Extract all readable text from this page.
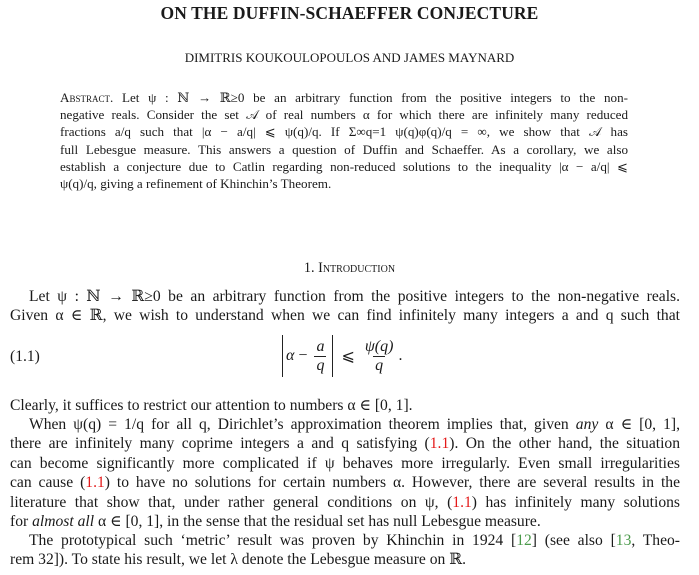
ON THE DUFFIN-SCHAEFFER CONJECTURE
DIMITRIS KOUKOULOPOULOS AND JAMES MAYNARD
Abstract. Let ψ : ℕ → ℝ≥0 be an arbitrary function from the positive integers to the non-
negative reals. Consider the set 𝒜 of real numbers α for which there are infinitely many reduced
fractions a/q such that |α − a/q| ⩽ ψ(q)/q. If Σ∞q=1 ψ(q)φ(q)/q = ∞, we show that 𝒜 has
full Lebesgue measure. This answers a question of Duffin and Schaeffer. As a corollary, we also
establish a conjecture due to Catlin regarding non-reduced solutions to the inequality |α − a/q| ⩽
ψ(q)/q, giving a refinement of Khinchin’s Theorem.
1. Introduction
Let ψ : ℕ → ℝ≥0 be an arbitrary function from the positive integers to the non-negative reals.
Given α ∈ ℝ, we wish to understand when we can find infinitely many integers a and q such that
(1.1)	$\alpha - \frac{a}{q}$ ⩽ $\frac{\psi(q)}{q}$ .
Clearly, it suffices to restrict our attention to numbers α ∈ [0, 1].
When ψ(q) = 1/q for all q, Dirichlet’s approximation theorem implies that, given any α ∈ [0, 1],
there are infinitely many coprime integers a and q satisfying (1.1). On the other hand, the situation
can become significantly more complicated if ψ behaves more irregularly. Even small irregularities
can cause (1.1) to have no solutions for certain numbers α. However, there are several results in the
literature that show that, under rather general conditions on ψ, (1.1) has infinitely many solutions
for almost all α ∈ [0, 1], in the sense that the residual set has null Lebesgue measure.
The prototypical such ‘metric’ result was proven by Khinchin in 1924 [12] (see also [13, Theo-
rem 32]). To state his result, we let λ denote the Lebesgue measure on ℝ.
